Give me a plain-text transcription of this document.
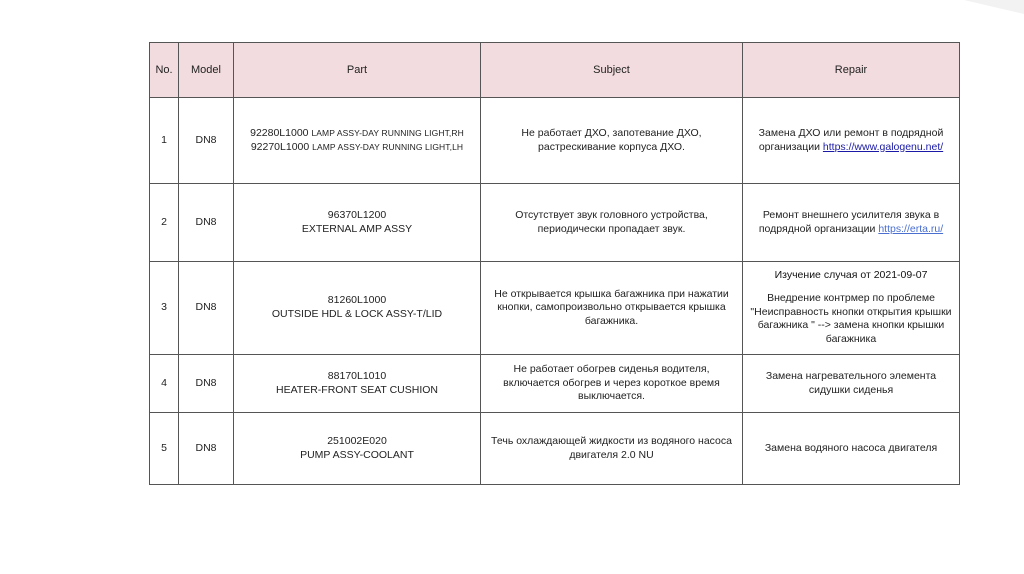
No.	Model	Part	Subject	Repair
1	DN8	92280L1000 LAMP ASSY-DAY RUNNING LIGHT,RH
92270L1000 LAMP ASSY-DAY RUNNING LIGHT,LH	Не работает ДХО, запотевание ДХО, растрескивание корпуса ДХО.	Замена ДХО или ремонт в подрядной организации https://www.galogenu.net/
2	DN8	96370L1200
EXTERNAL AMP ASSY	Отсутствует звук головного устройства, периодически пропадает звук.	Ремонт внешнего усилителя звука в подрядной организации https://erta.ru/
3	DN8	81260L1000
OUTSIDE HDL & LOCK ASSY-T/LID	Не открывается крышка багажника при нажатии кнопки, самопроизвольно открывается крышка багажника.	Изучение случая от 2021-09-07
Внедрение контрмер по проблеме "Неисправность кнопки открытия крышки багажника " --> замена кнопки крышки багажника
4	DN8	88170L1010
HEATER-FRONT SEAT CUSHION	Не работает обогрев сиденья водителя, включается обогрев и через короткое время выключается.	Замена нагревательного элемента сидушки сиденья
5	DN8	251002E020
PUMP ASSY-COOLANT	Течь охлаждающей жидкости из водяного насоса двигателя 2.0 NU	Замена водяного насоса двигателя
